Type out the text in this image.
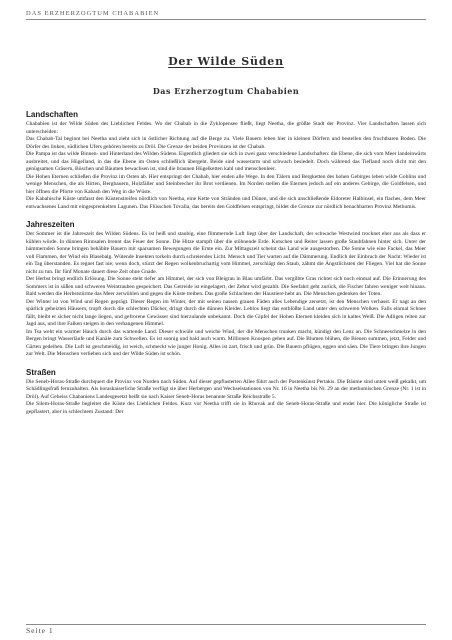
DAS ERZHERZOGTUM CHABABIEN
Der Wilde Süden
Das Erzherzogtum Chababien
Landschaften

Chababien ist der Wilde Süden des Lieblichen Feldes. Wo der Chabab in die Zyklopensee fließt, liegt Neetha, die größte Stadt der Provinz. Vier Landschaften lassen sich unterscheiden:

Das Chabab-Tal beginnt bei Neetha und zieht sich in östlicher Richtung auf die Berge zu. Viele Bauern leben hier in kleinen Dörfern und bestellen den fruchtbaren Boden. Die Dörfer des linken, südlichen Ufers gehören bereits zu Dröl. Die Grenze der beiden Provinzen ist der Chabab.

Die Pampa ist das wilde Binnen- und Hinterland des Wilden Südens. Eigentlich gliedert sie sich in zwei ganz verschiedene Landschaften: die Ebene, die sich vom Meer landeinwärts ausbreitet, und das Hügelland, in das die Ebene im Osten schließlich übergeht. Beide sind wasserarm und schwach besiedelt. Doch während das Tiefland noch dicht mit den genügsamen Gräsern, Büschen und Bäumen bewachsen ist, sind die braunen Hügelketten kahl und menschenleer.

Die Hohen Eternen schließen die Provinz im Osten ab. Hier entspringt der Chabab, hier enden alle Wege. In den Tälern und Bergketten des hohen Gebirges leben wilde Goblins und wenige Menschen, die als Hirten, Bergbauern, Holzfäller und Steinbrecher ihr Brot verdienen. Im Norden stellen die Eternen jedoch auf ein anderes Gebirge, die Goldfelsen, und hier öffnen die Pforte von Kabash den Weg in die Wüste.

Die Kabahische Küste umfasst den Küstenstreifen nördlich von Neetha, eine Kette von Stränden und Dünen, und die sich anschließende Eldoreter Halbinsel, ein flaches, dem Meer entwachsenes Land mit eingesprenkelten Lagunen. Das Flüsschen Tovalla, das bereits den Goldfelsen entspringt, bildet die Grenze zur nördlich benachbarten Provinz Methumis.

Jahreszeiten

Der Sommer ist die Jahreszeit des Wilden Südens. Es ist heiß und staubig, eine flimmernde Luft liegt über der Landschaft, der schwache Westwind trocknet eher aus als dass er kühlen würde. In dünnen Rinnsalen brennt das Feuer der Sonne. Die Hitze stampft über die stöhnende Erde. Kutschen und Reiter lassen große Staubfahnen hinter sich. Unter der hämmernden Sonne bringen behäbite Bauern mit sparsamen Bewegungen die Ernte ein. Zur Mittagszeit scheint das Land wie ausgestorben. Die Sonne wie eine Fackel, das Meer voll Flammen, der Wind ein Blasebalg. Wütende Insekten torkeln durch schreiendes Licht. Mensch und Tier warten auf die Dämmerung. Endlich der Einbruch der Nacht: Wieder ist ein Tag überstanden. Es regnet fast nie; wenn doch, stürzt der Regen wolkenbruchartig vom Himmel, zerschlägt den Staub, zähmt die Ängstlichsten der Fliegen. Viel hat die Sonne nicht zu tun. Ihr fünf Monate dauert diese Zeit ohne Gnade.

Der Herbst bringt endlich Erlösung. Die Sonne steht tiefer am Himmel, der sich von Bleigrau in Blau umfärbt. Das vergilbte Gras richtet sich noch einmal auf. Die Erinnerung des Sommers ist in süßen und schweren Weintrauben gespeichert. Das Getreide ist eingelagert, der Zehnt wird gezahlt. Die Seefahrt geht zurück, die Fischer fahren weniger weit hinaus. Bald werden die Herbststürme das Meer zerwühlen und gegen die Küste treiben. Das große Schlachten der Haustiere hebt an. Die Menschen gedenken der Toten.

Der Winter ist von Wind und Regen geprägt. Dieser Regen im Winter, der mit seinen nassen grauen Fäden alles Lebendige zersetzt, ist den Menschen verhasst. Er nagt an den spärlich geheizten Häusern, tropft durch die schlechten Dächer, dringt durch die dünnen Kleider. Leblos liegt das entblößte Land unter den schweren Wolken. Falls einmal Schnee fällt, bleibt er sicher nicht lange liegen, und gefrorene Gewässer sind hierzulande unbekannt. Doch die Gipfel der Hohen Eternen kleiden sich in kaltes Weiß. Die Adligen reiten zur Jagd aus, und ihre Falken steigen in den verhangenen Himmel.

Im Tsa weht ein warmer Hauch durch das wartende Land. Dieser schwüle und weiche Wind, der die Menschen trunken macht, kündigt den Lenz an. Die Schneeschmelze in den Bergen bringt Wasserläufe und Kanäle zum Schwellen. Es ist sonnig und bald auch warm. Millionen Knospen gehen auf. Die Blumen blühen, die Bienen summen, jetzt, Felder und Gärten gedeihen. Die Luft ist geschmeidig, ist weich, schmeckt wie junger Honig. Alles ist zart, frisch und grün. Die Bauern pflügen, eggen und säen. Die Tiere bringen ihre Jungen zur Welt. Die Menschen verlieben sich und der Wilde Süden ist schön.

Straßen

Die Seneb-Horas-Straße durchquert die Provinz von Norden nach Süden. Auf dieser gepflasterten Allee führt auch der Postenkünst Pertakis. Die Bäume sind unten weiß gekalkt, um Schädlingsfraß fernzuhalten. Als horaskaiserliche Straße verfügt sie über Herbergen und Wechselstationen von Nr. 16 in Neetha bis Nr. 29 an der methumischen Grenze (Nr. 1 ist in Dröl). Auf Geheiss Chabaniens Landesgesetzt heißt sie nach Kaiser Seneb-Horas benannte Straße Reichsstraße 5.

Die Silem-Horas-Straße begleitet die Küste des Lieblichen Feldes. Kurz vor Neetha trifft sie in Rhuvak auf die Seneb-Horas-Straße und endet hier. Die königliche Straße ist gepflastert, aber in schlechtem Zustand: Der

Seite 1
